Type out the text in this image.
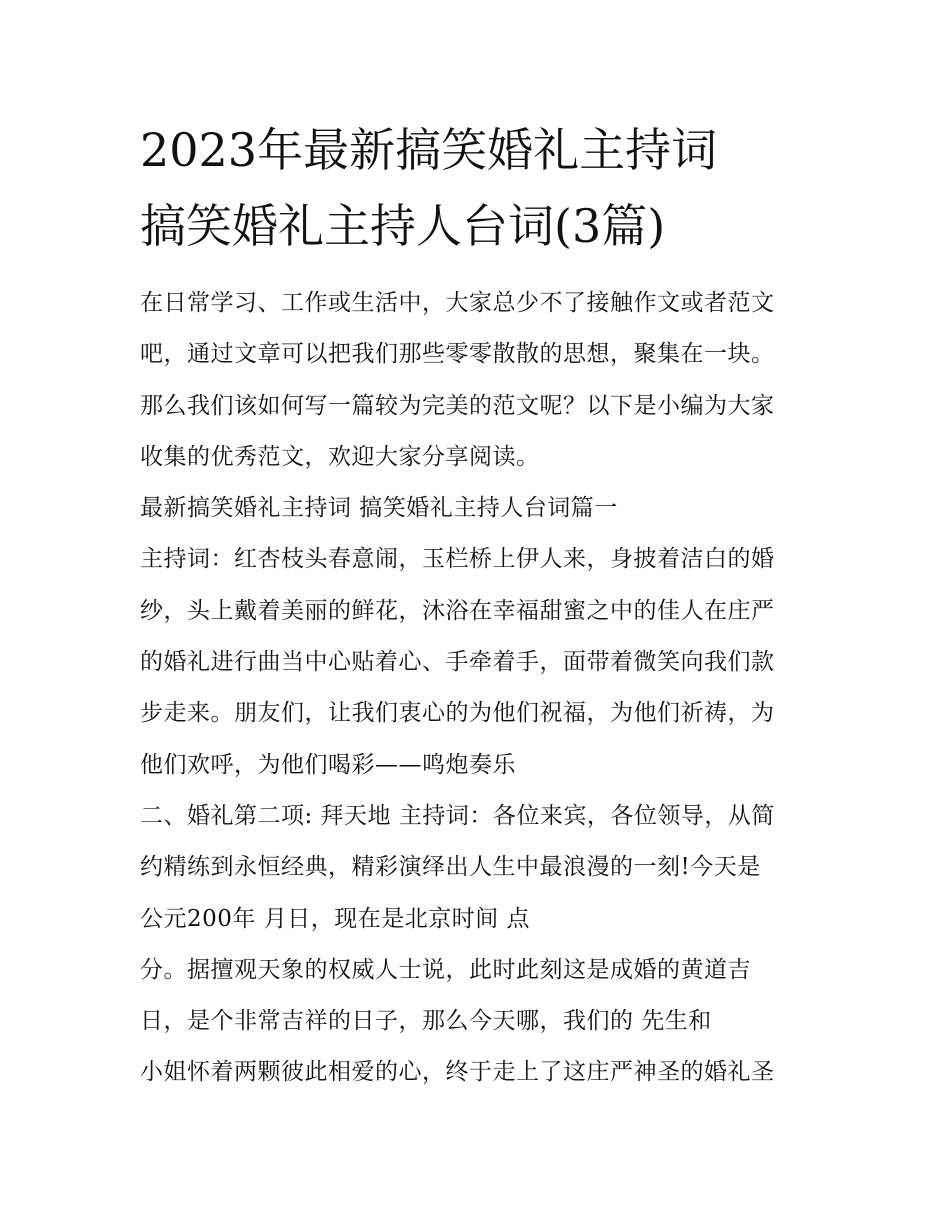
2023年最新搞笑婚礼主持词
搞笑婚礼主持人台词(3篇)
在日常学习、工作或生活中，大家总少不了接触作文或者范文
吧，通过文章可以把我们那些零零散散的思想，聚集在一块。
那么我们该如何写一篇较为完美的范文呢？以下是小编为大家
收集的优秀范文，欢迎大家分享阅读。
最新搞笑婚礼主持词 搞笑婚礼主持人台词篇一
主持词：红杏枝头春意闹，玉栏桥上伊人来，身披着洁白的婚
纱，头上戴着美丽的鲜花，沐浴在幸福甜蜜之中的佳人在庄严
的婚礼进行曲当中心贴着心、手牵着手，面带着微笑向我们款
步走来。朋友们，让我们衷心的为他们祝福，为他们祈祷，为
他们欢呼，为他们喝彩——鸣炮奏乐
二、婚礼第二项: 拜天地 主持词：各位来宾，各位领导，从简
约精练到永恒经典，精彩演绎出人生中最浪漫的一刻!今天是
公元200年 月日，现在是北京时间 点
分。据擅观天象的权威人士说，此时此刻这是成婚的黄道吉
日，是个非常吉祥的日子，那么今天哪，我们的 先生和
小姐怀着两颗彼此相爱的心，终于走上了这庄严神圣的婚礼圣
